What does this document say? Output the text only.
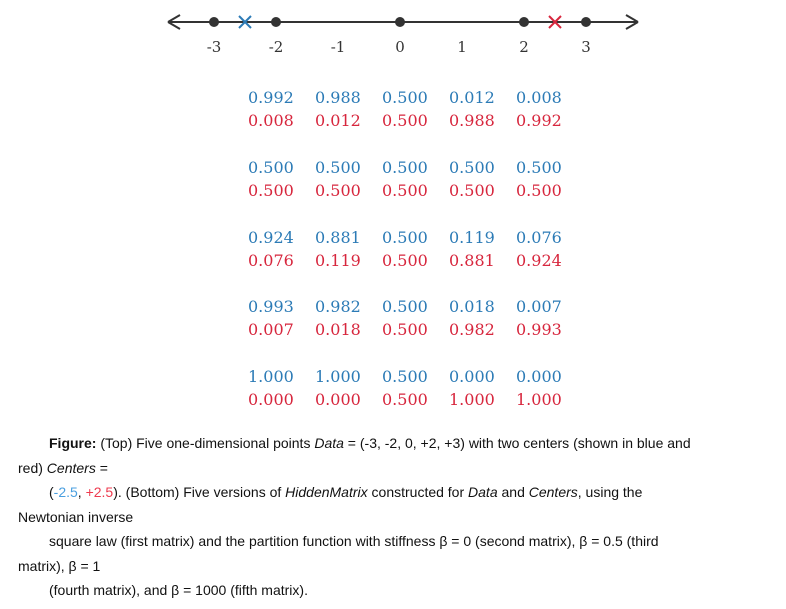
-3	-2	-1	0	1	2	3
0.992 0.988 0.500 0.012 0.008
0.008 0.012 0.500 0.988 0.992
0.500 0.500 0.500 0.500 0.500
0.500 0.500 0.500 0.500 0.500
0.924 0.881 0.500 0.119 0.076
0.076 0.119 0.500 0.881 0.924
0.993 0.982 0.500 0.018 0.007
0.007 0.018 0.500 0.982 0.993
1.000 1.000 0.500 0.000 0.000
0.000 0.000 0.500 1.000 1.000
Figure: (Top) Five one-dimensional points Data = (-3, -2, 0, +2, +3) with two centers (shown in blue and
red) Centers =
(-2.5, +2.5). (Bottom) Five versions of HiddenMatrix constructed for Data and Centers, using the
Newtonian inverse
square law (first matrix) and the partition function with stiffness β = 0 (second matrix), β = 0.5 (third
matrix), β = 1
(fourth matrix), and β = 1000 (fifth matrix).
